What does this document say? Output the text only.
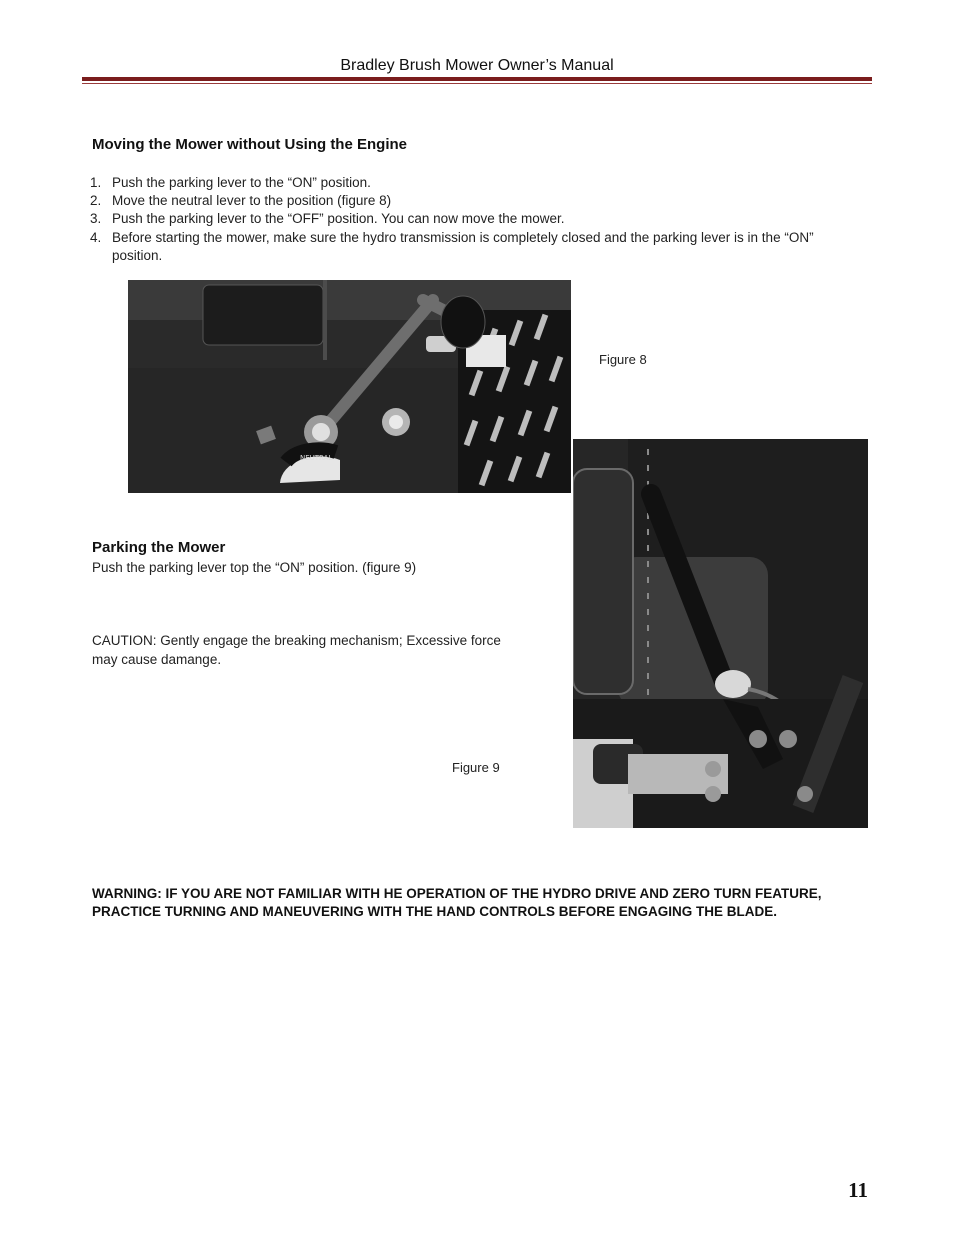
Bradley Brush Mower Owner’s Manual
Moving the Mower without Using the Engine
1. Push the parking lever to the “ON” position.
2. Move the neutral lever to the position (figure 8)
3. Push the parking lever to the “OFF” position. You can now move the mower.
4. Before starting the mower, make sure the hydro transmission is completely closed and the parking lever is in the “ON” position.
NEUTRAL
Figure 8
Parking the Mower
Push the parking lever top the “ON” position. (figure 9)
CAUTION: Gently engage the breaking mechanism; Excessive force may cause damange.
Figure 9
WARNING: IF YOU ARE NOT FAMILIAR WITH HE OPERATION OF THE HYDRO DRIVE AND ZERO TURN FEATURE, PRACTICE TURNING AND MANEUVERING WITH THE HAND CONTROLS BEFORE ENGAGING THE BLADE.
11
